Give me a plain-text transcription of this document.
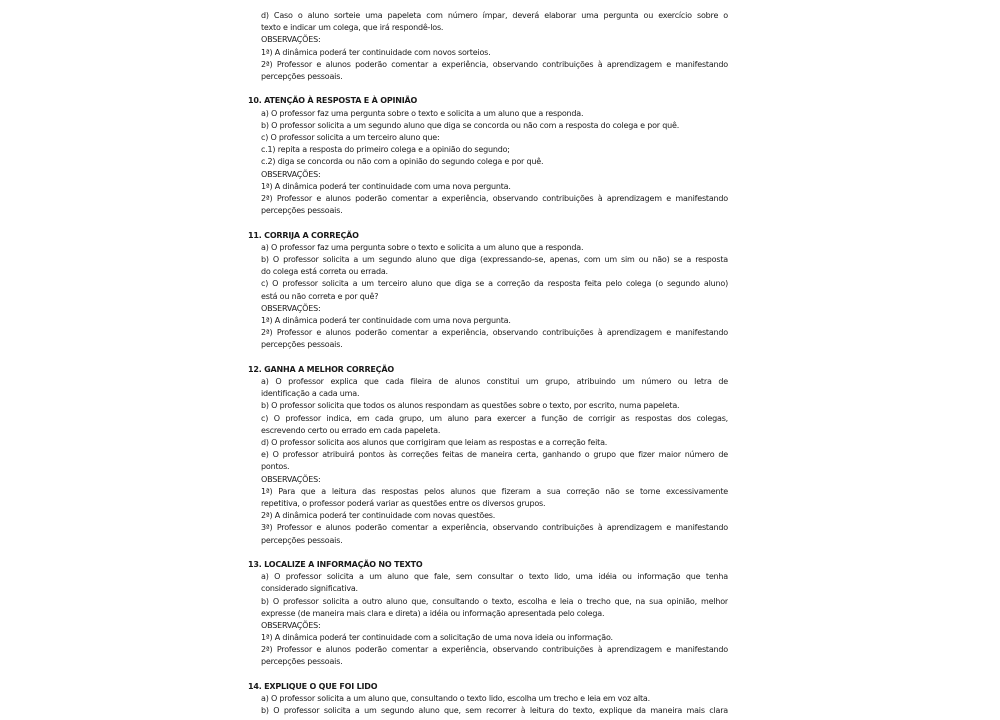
d) Caso o aluno sorteie uma papeleta com número ímpar, deverá elaborar uma pergunta ou exercício sobre o
texto e indicar um colega, que irá respondê-los.
OBSERVAÇÕES:
1ª) A dinâmica poderá ter continuidade com novos sorteios.
2ª) Professor e alunos poderão comentar a experiência, observando contribuições à aprendizagem e manifestando
percepções pessoais.
10. ATENÇÃO À RESPOSTA E À OPINIÃO
a) O professor faz uma pergunta sobre o texto e solicita a um aluno que a responda.
b) O professor solicita a um segundo aluno que diga se concorda ou não com a resposta do colega e por quê.
c) O professor solicita a um terceiro aluno que:
c.1) repita a resposta do primeiro colega e a opinião do segundo;
c.2) diga se concorda ou não com a opinião do segundo colega e por quê.
OBSERVAÇÕES:
1ª) A dinâmica poderá ter continuidade com uma nova pergunta.
2ª) Professor e alunos poderão comentar a experiência, observando contribuições à aprendizagem e manifestando
percepções pessoais.
11. CORRIJA A CORREÇÃO
a) O professor faz uma pergunta sobre o texto e solicita a um aluno que a responda.
b) O professor solicita a um segundo aluno que diga (expressando-se, apenas, com um sim ou não) se a resposta
do colega está correta ou errada.
c) O professor solicita a um terceiro aluno que diga se a correção da resposta feita pelo colega (o segundo aluno)
está ou não correta e por quê?
OBSERVAÇÕES:
1ª) A dinâmica poderá ter continuidade com uma nova pergunta.
2ª) Professor e alunos poderão comentar a experiência, observando contribuições à aprendizagem e manifestando
percepções pessoais.
12. GANHA A MELHOR CORREÇÃO
a) O professor explica que cada fileira de alunos constitui um grupo, atribuindo um número ou letra de
identificação a cada uma.
b) O professor solicita que todos os alunos respondam as questões sobre o texto, por escrito, numa papeleta.
c) O professor indica, em cada grupo, um aluno para exercer a função de corrigir as respostas dos colegas,
escrevendo certo ou errado em cada papeleta.
d) O professor solicita aos alunos que corrigiram que leiam as respostas e a correção feita.
e) O professor atribuirá pontos às correções feitas de maneira certa, ganhando o grupo que fizer maior número de
pontos.
OBSERVAÇÕES:
1ª) Para que a leitura das respostas pelos alunos que fizeram a sua correção não se torne excessivamente
repetitiva, o professor poderá variar as questões entre os diversos grupos.
2ª) A dinâmica poderá ter continuidade com novas questões.
3ª) Professor e alunos poderão comentar a experiência, observando contribuições à aprendizagem e manifestando
percepções pessoais.
13. LOCALIZE A INFORMAÇÃO NO TEXTO
a) O professor solicita a um aluno que fale, sem consultar o texto lido, uma idéia ou informação que tenha
considerado significativa.
b) O professor solicita a outro aluno que, consultando o texto, escolha e leia o trecho que, na sua opinião, melhor
expresse (de maneira mais clara e direta) a idéia ou informação apresentada pelo colega.
OBSERVAÇÕES:
1ª) A dinâmica poderá ter continuidade com a solicitação de uma nova ideia ou informação.
2ª) Professor e alunos poderão comentar a experiência, observando contribuições à aprendizagem e manifestando
percepções pessoais.
14. EXPLIQUE O QUE FOI LIDO
a) O professor solicita a um aluno que, consultando o texto lido, escolha um trecho e leia em voz alta.
b) O professor solicita a um segundo aluno que, sem recorrer à leitura do texto, explique da maneira mais clara
